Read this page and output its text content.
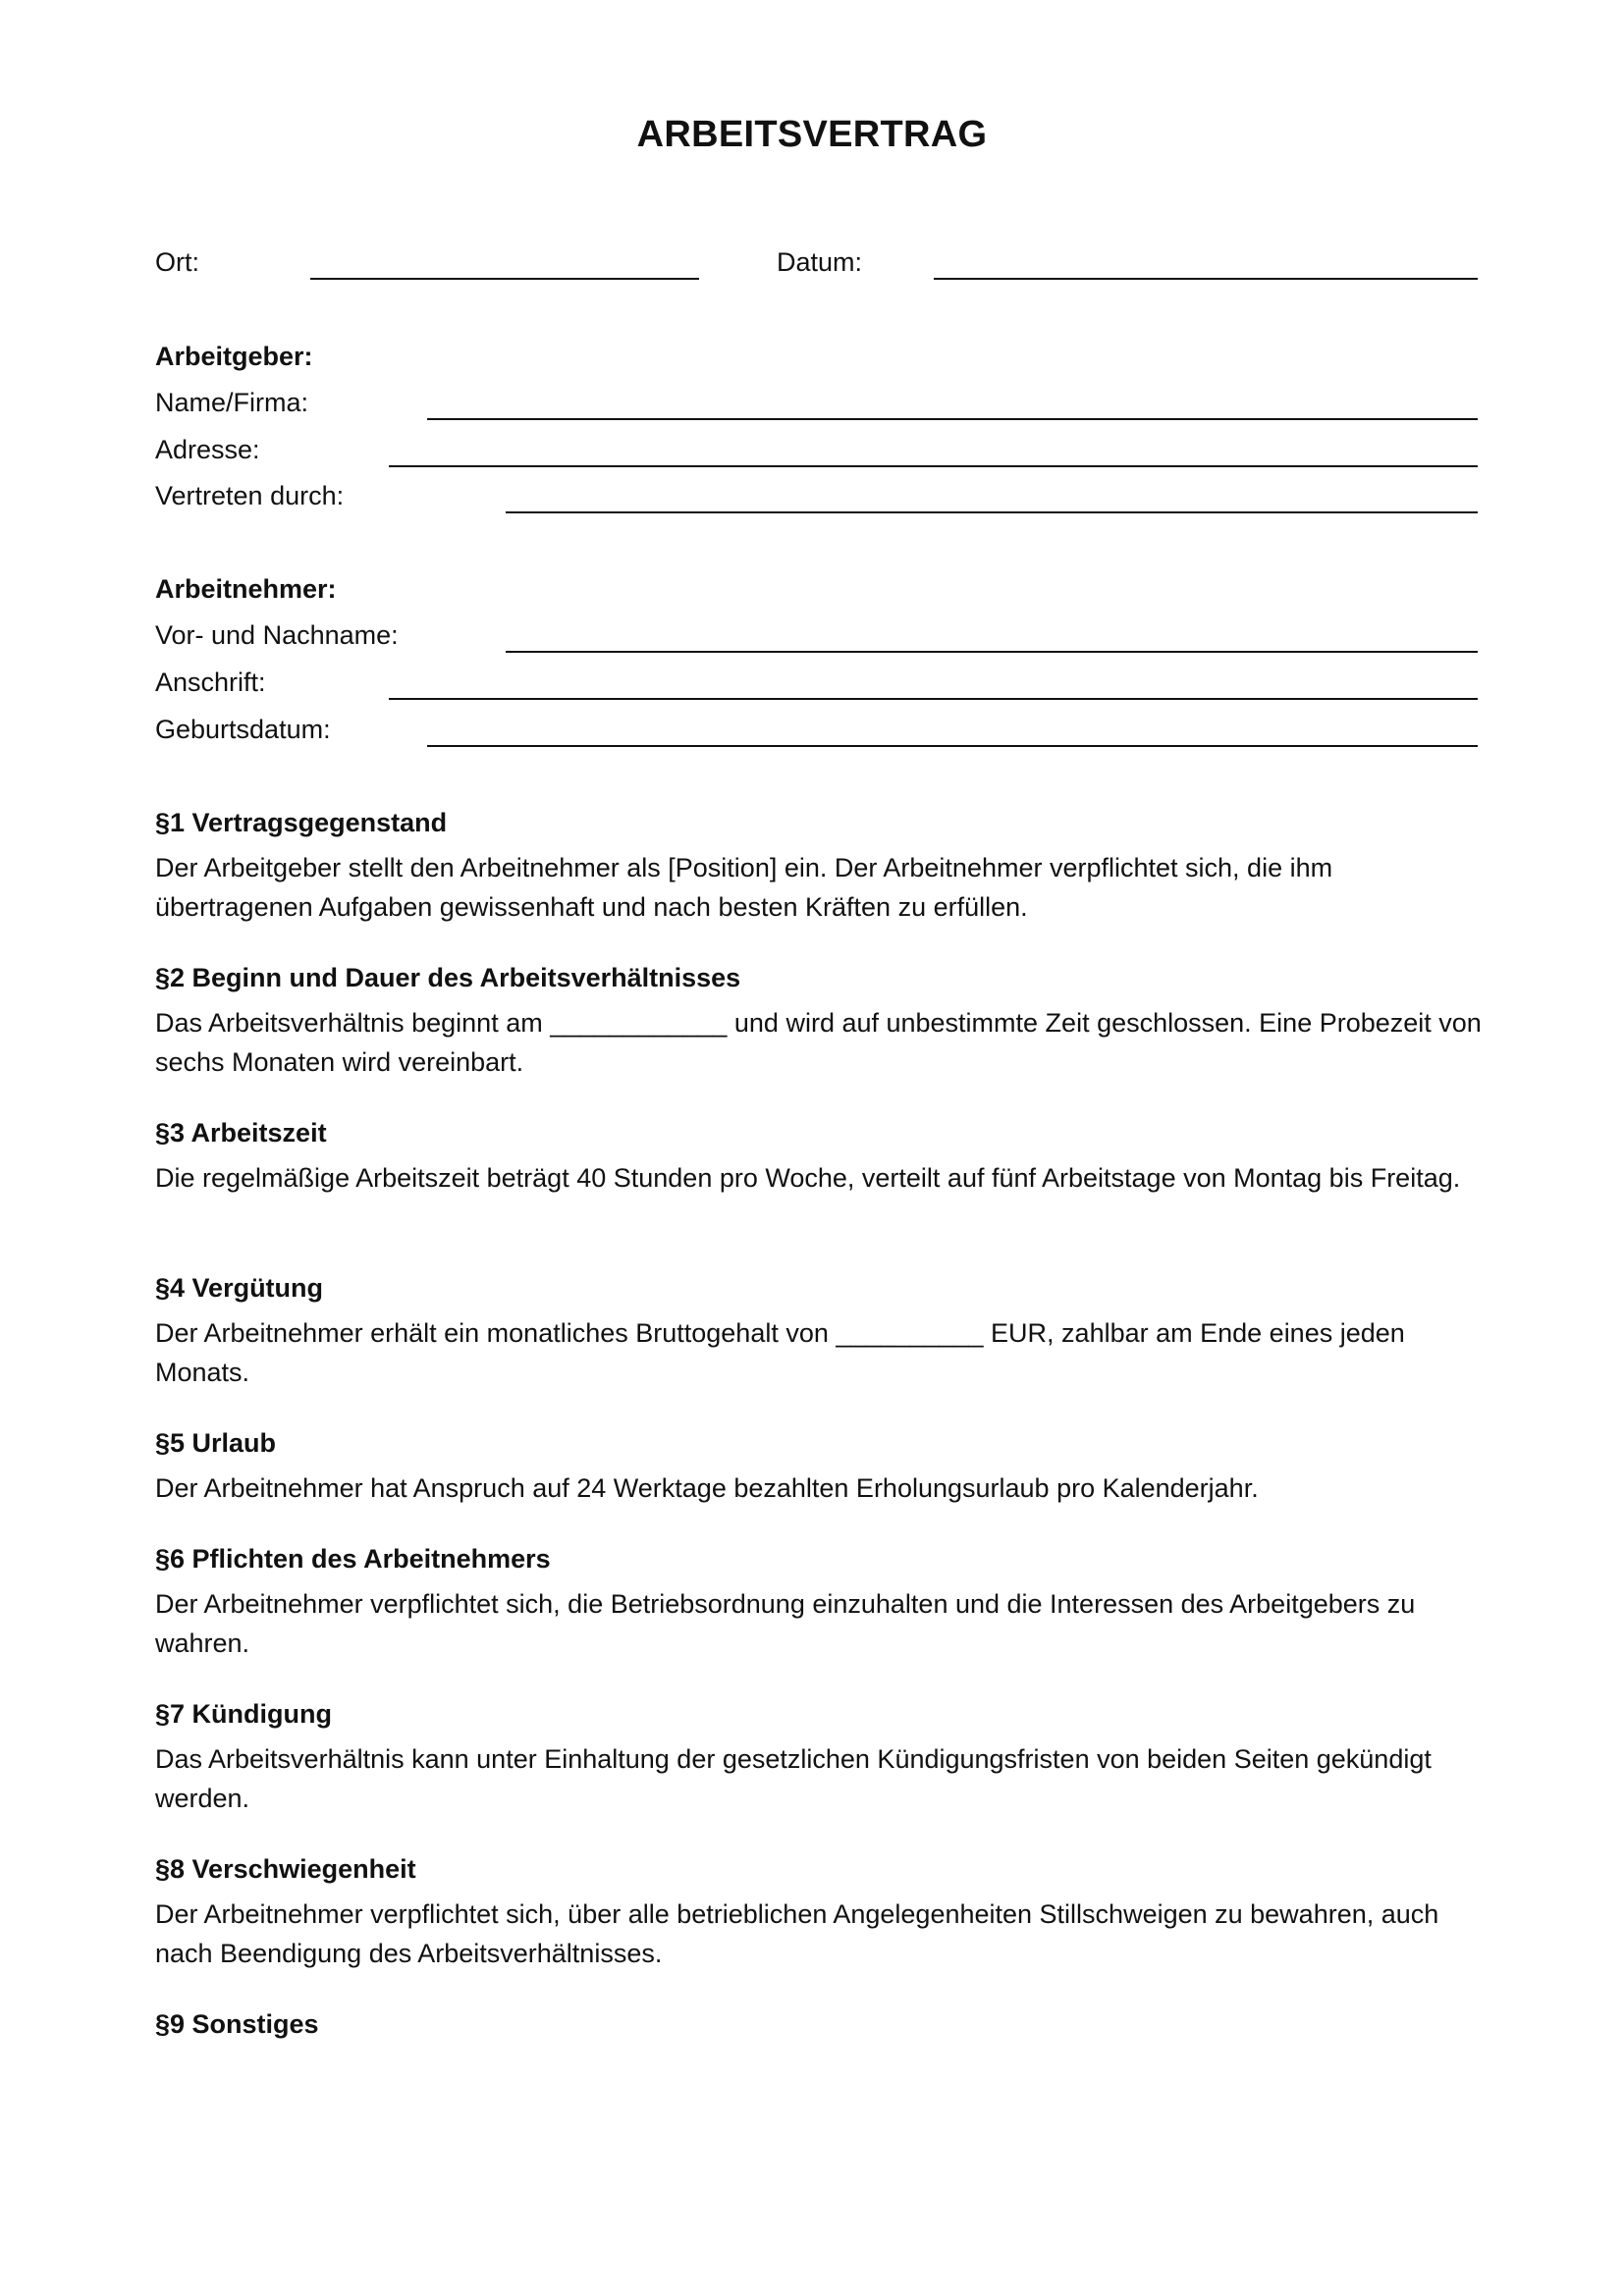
ARBEITSVERTRAG
Ort:	Datum:
Arbeitgeber:
Name/Firma:
Adresse:
Vertreten durch:
Arbeitnehmer:
Vor- und Nachname:
Anschrift:
Geburtsdatum:
§1 Vertragsgegenstand
Der Arbeitgeber stellt den Arbeitnehmer als [Position] ein. Der Arbeitnehmer verpflichtet sich, die ihm übertragenen Aufgaben gewissenhaft und nach besten Kräften zu erfüllen.
§2 Beginn und Dauer des Arbeitsverhältnisses
Das Arbeitsverhältnis beginnt am ____________ und wird auf unbestimmte Zeit geschlossen. Eine Probezeit von sechs Monaten wird vereinbart.
§3 Arbeitszeit
Die regelmäßige Arbeitszeit beträgt 40 Stunden pro Woche, verteilt auf fünf Arbeitstage von Montag bis Freitag.
§4 Vergütung
Der Arbeitnehmer erhält ein monatliches Bruttogehalt von __________ EUR, zahlbar am Ende eines jeden Monats.
§5 Urlaub
Der Arbeitnehmer hat Anspruch auf 24 Werktage bezahlten Erholungsurlaub pro Kalenderjahr.
§6 Pflichten des Arbeitnehmers
Der Arbeitnehmer verpflichtet sich, die Betriebsordnung einzuhalten und die Interessen des Arbeitgebers zu wahren.
§7 Kündigung
Das Arbeitsverhältnis kann unter Einhaltung der gesetzlichen Kündigungsfristen von beiden Seiten gekündigt werden.
§8 Verschwiegenheit
Der Arbeitnehmer verpflichtet sich, über alle betrieblichen Angelegenheiten Stillschweigen zu bewahren, auch nach Beendigung des Arbeitsverhältnisses.
§9 Sonstiges
